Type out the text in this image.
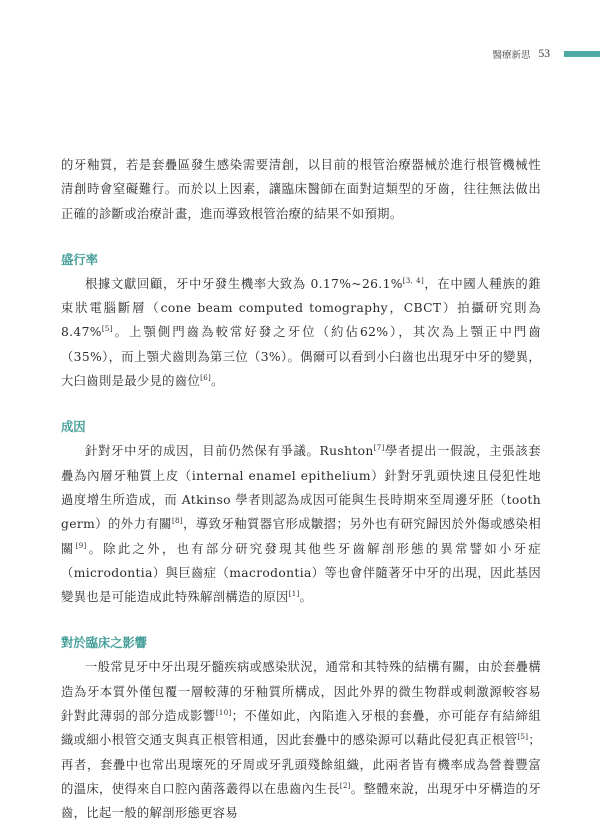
醫療新思 53

的牙釉質，若是套疊區發生感染需要清創，以目前的根管治療器械於進行根管機械性清創時會窒礙難行。而於以上因素，讓臨床醫師在面對這類型的牙齒，往往無法做出正確的診斷或治療計畫，進而導致根管治療的結果不如預期。

盛行率

根據文獻回顧，牙中牙發生機率大致為 0.17%~26.1%[3, 4]，在中國人種族的錐束狀電腦斷層（cone beam computed tomography，CBCT）拍攝研究則為 8.47%[5]。上顎側門齒為較常好發之牙位（約佔62%），其次為上顎正中門齒（35%），而上顎犬齒則為第三位（3%）。偶爾可以看到小臼齒也出現牙中牙的變異，大臼齒則是最少見的齒位[6]。

成因

針對牙中牙的成因，目前仍然保有爭議。Rushton[7]學者提出一假說，主張該套疊為內層牙釉質上皮（internal enamel epithelium）針對牙乳頭快速且侵犯性地過度增生所造成，而 Atkinso 學者則認為成因可能與生長時期來至周邊牙胚（tooth germ）的外力有關[8]，導致牙釉質器官形成皺摺；另外也有研究歸因於外傷或感染相關[9]。除此之外，也有部分研究發現其他些牙齒解剖形態的異常譬如小牙症（microdontia）與巨齒症（macrodontia）等也會伴隨著牙中牙的出現，因此基因變異也是可能造成此特殊解剖構造的原因[1]。

對於臨床之影響

一般常見牙中牙出現牙髓疾病或感染狀況，通常和其特殊的結構有關，由於套疊構造為牙本質外僅包覆一層較薄的牙釉質所構成，因此外界的微生物群或刺激源較容易針對此薄弱的部分造成影響[10]；不僅如此，內陷進入牙根的套疊，亦可能存有結締組織或細小根管交通支與真正根管相通，因此套疊中的感染源可以藉此侵犯真正根管[5]；再者，套疊中也常出現壞死的牙周或牙乳頭殘餘組織，此兩者皆有機率成為營養豐富的溫床，使得來自口腔內菌落叢得以在患齒內生長[2]。整體來說，出現牙中牙構造的牙齒，比起一般的解剖形態更容易
